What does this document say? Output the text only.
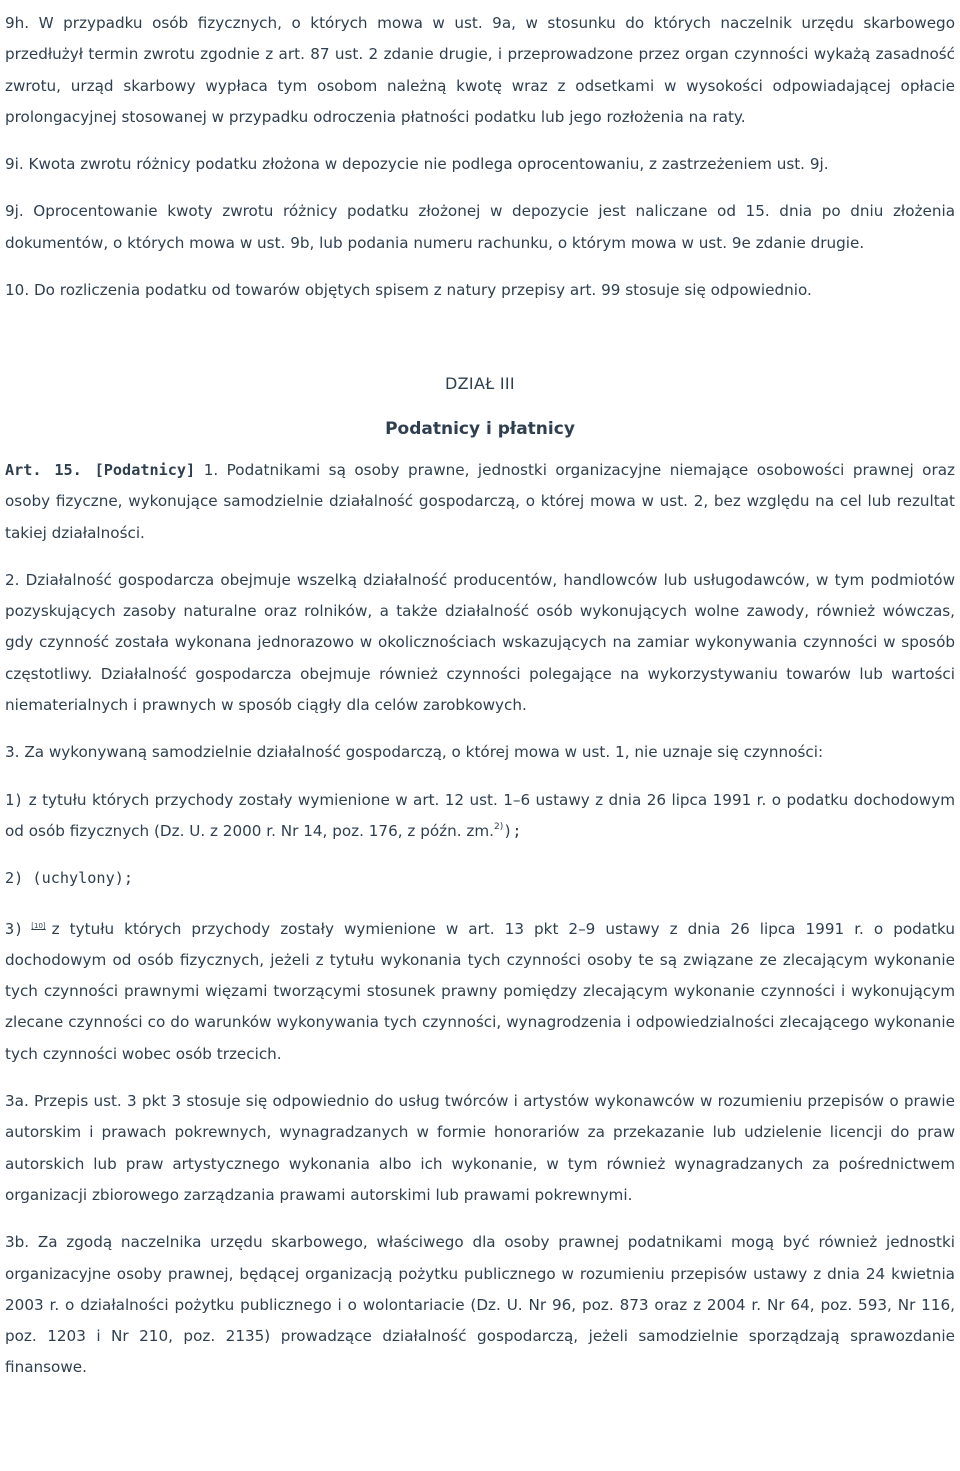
9h. W przypadku osób fizycznych, o których mowa w ust. 9a, w stosunku do których naczelnik urzędu skarbowego przedłużył termin zwrotu zgodnie z art. 87 ust. 2 zdanie drugie, i przeprowadzone przez organ czynności wykażą zasadność zwrotu, urząd skarbowy wypłaca tym osobom należną kwotę wraz z odsetkami w wysokości odpowiadającej opłacie prolongacyjnej stosowanej w przypadku odroczenia płatności podatku lub jego rozłożenia na raty.

9i. Kwota zwrotu różnicy podatku złożona w depozycie nie podlega oprocentowaniu, z zastrzeżeniem ust. 9j.

9j. Oprocentowanie kwoty zwrotu różnicy podatku złożonej w depozycie jest naliczane od 15. dnia po dniu złożenia dokumentów, o których mowa w ust. 9b, lub podania numeru rachunku, o którym mowa w ust. 9e zdanie drugie.

10. Do rozliczenia podatku od towarów objętych spisem z natury przepisy art. 99 stosuje się odpowiednio.

DZIAŁ III

Podatnicy i płatnicy

Art. 15. [Podatnicy] 1. Podatnikami są osoby prawne, jednostki organizacyjne niemające osobowości prawnej oraz osoby fizyczne, wykonujące samodzielnie działalność gospodarczą, o której mowa w ust. 2, bez względu na cel lub rezultat takiej działalności.

2. Działalność gospodarcza obejmuje wszelką działalność producentów, handlowców lub usługodawców, w tym podmiotów pozyskujących zasoby naturalne oraz rolników, a także działalność osób wykonujących wolne zawody, również wówczas, gdy czynność została wykonana jednorazowo w okolicznościach wskazujących na zamiar wykonywania czynności w sposób częstotliwy. Działalność gospodarcza obejmuje również czynności polegające na wykorzystywaniu towarów lub wartości niematerialnych i prawnych w sposób ciągły dla celów zarobkowych.

3. Za wykonywaną samodzielnie działalność gospodarczą, o której mowa w ust. 1, nie uznaje się czynności:

1) z tytułu których przychody zostały wymienione w art. 12 ust. 1–6 ustawy z dnia 26 lipca 1991 r. o podatku dochodowym od osób fizycznych (Dz. U. z 2000 r. Nr 14, poz. 176, z późn. zm.$^{2)}$);

2) (uchylony);

3) [10] z tytułu których przychody zostały wymienione w art. 13 pkt 2–9 ustawy z dnia 26 lipca 1991 r. o podatku dochodowym od osób fizycznych, jeżeli z tytułu wykonania tych czynności osoby te są związane ze zlecającym wykonanie tych czynności prawnymi więzami tworzącymi stosunek prawny pomiędzy zlecającym wykonanie czynności i wykonującym zlecane czynności co do warunków wykonywania tych czynności, wynagrodzenia i odpowiedzialności zlecającego wykonanie tych czynności wobec osób trzecich.

3a. Przepis ust. 3 pkt 3 stosuje się odpowiednio do usług twórców i artystów wykonawców w rozumieniu przepisów o prawie autorskim i prawach pokrewnych, wynagradzanych w formie honorariów za przekazanie lub udzielenie licencji do praw autorskich lub praw artystycznego wykonania albo ich wykonanie, w tym również wynagradzanych za pośrednictwem organizacji zbiorowego zarządzania prawami autorskimi lub prawami pokrewnymi.

3b. Za zgodą naczelnika urzędu skarbowego, właściwego dla osoby prawnej podatnikami mogą być również jednostki organizacyjne osoby prawnej, będącej organizacją pożytku publicznego w rozumieniu przepisów ustawy z dnia 24 kwietnia 2003 r. o działalności pożytku publicznego i o wolontariacie (Dz. U. Nr 96, poz. 873 oraz z 2004 r. Nr 64, poz. 593, Nr 116, poz. 1203 i Nr 210, poz. 2135) prowadzące działalność gospodarczą, jeżeli samodzielnie sporządzają sprawozdanie finansowe.
